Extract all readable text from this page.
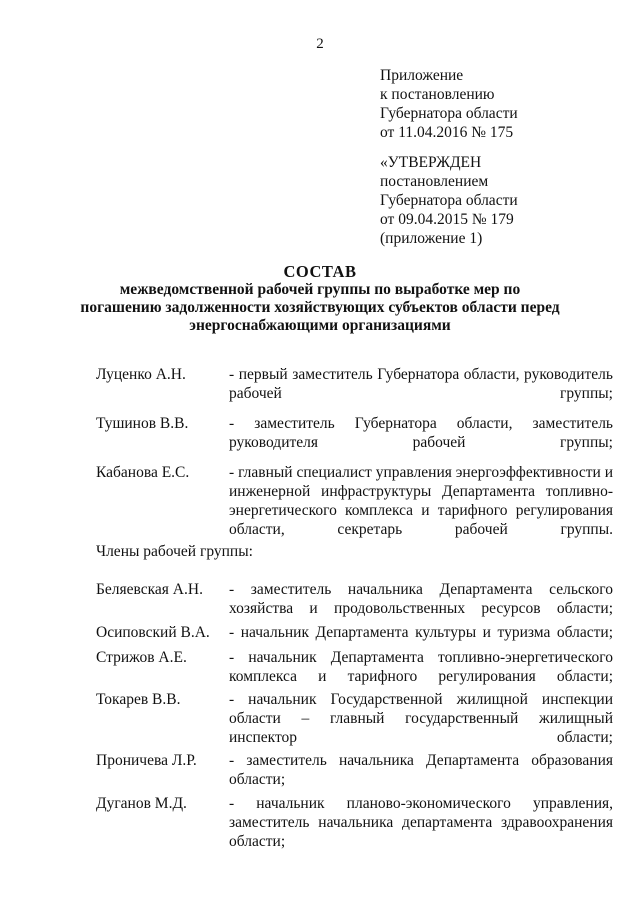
2
Приложение
к постановлению
Губернатора области
от 11.04.2016 № 175
«УТВЕРЖДЕН
постановлением
Губернатора области
от 09.04.2015 № 179
(приложение 1)
СОСТАВ
межведомственной рабочей группы по выработке мер по погашению задолженности хозяйствующих субъектов области перед энергоснабжающими организациями
Луценко А.Н.	- первый заместитель Губернатора области, руководитель рабочей группы;
Тушинов В.В.	- заместитель Губернатора области, заместитель руководителя рабочей группы;
Кабанова Е.С.	- главный специалист управления энергоэффективности и инженерной инфраструктуры Департамента топливно-энергетического комплекса и тарифного регулирования области, секретарь рабочей группы.
Члены рабочей группы:
Беляевская А.Н. - заместитель начальника Департамента сельского хозяйства и продовольственных ресурсов области;
Осиповский В.А. - начальник Департамента культуры и туризма области;
Стрижов А.Е.	- начальник Департамента топливно-энергетического комплекса и тарифного регулирования области;
Токарев В.В.	- начальник Государственной жилищной инспекции области – главный государственный жилищный инспектор области;
Проничева Л.Р. - заместитель начальника Департамента образования области;
Дуганов М.Д.	- начальник планово-экономического управления, заместитель начальника департамента здравоохранения области;
